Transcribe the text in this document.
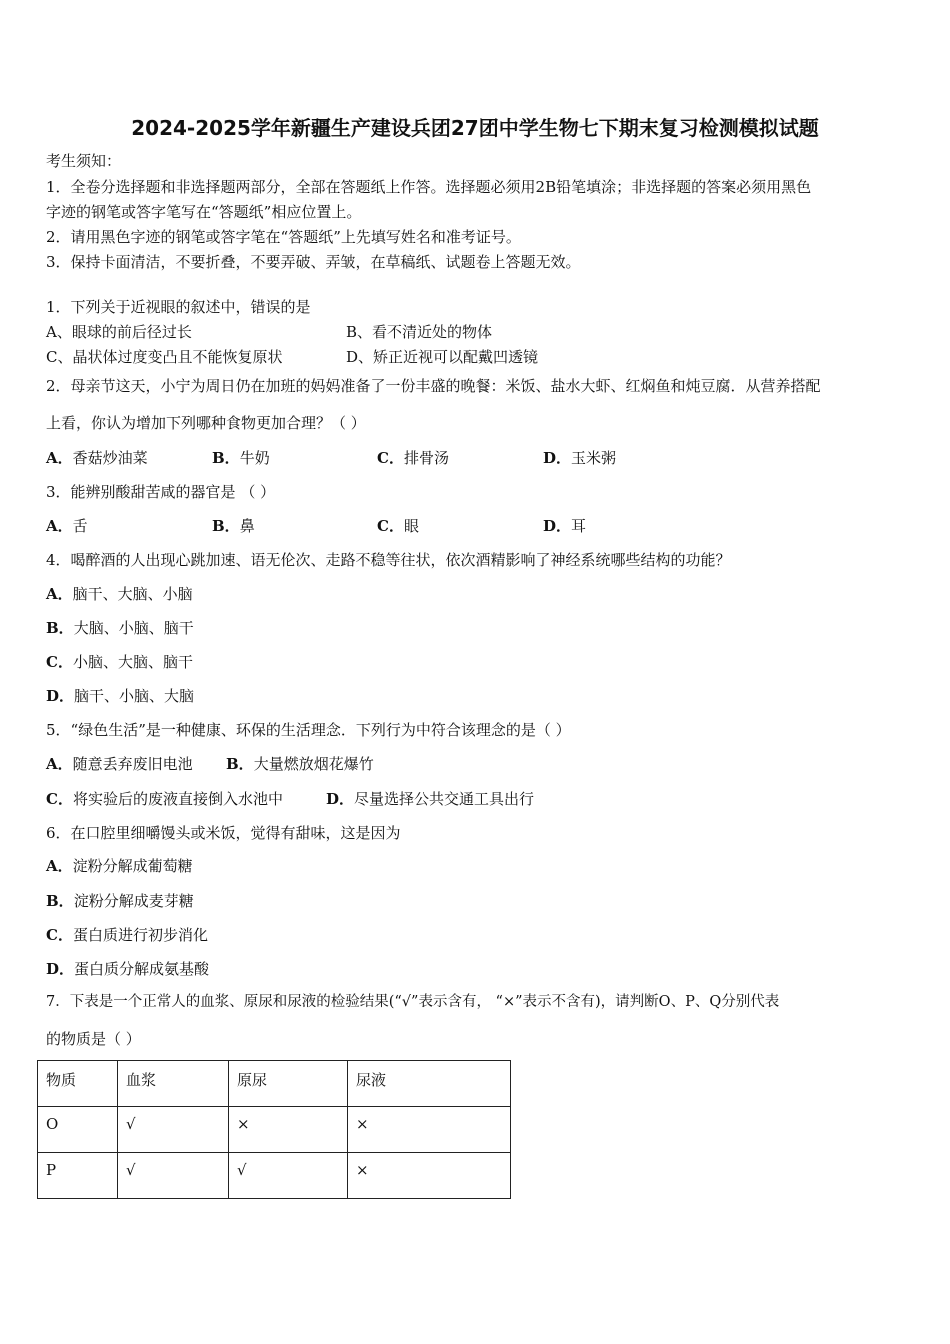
2024-2025学年新疆生产建设兵团27团中学生物七下期末复习检测模拟试题
考生须知：
1．全卷分选择题和非选择题两部分，全部在答题纸上作答。选择题必须用2B铅笔填涂；非选择题的答案必须用黑色
字迹的钢笔或答字笔写在“答题纸”相应位置上。
2．请用黑色字迹的钢笔或答字笔在“答题纸”上先填写姓名和准考证号。
3．保持卡面清洁，不要折叠，不要弄破、弄皱，在草稿纸、试题卷上答题无效。
1．下列关于近视眼的叙述中，错误的是
A、眼球的前后径过长	B、看不清近处的物体
C、晶状体过度变凸且不能恢复原状	D、矫正近视可以配戴凹透镜
2．母亲节这天，小宁为周日仍在加班的妈妈准备了一份丰盛的晚餐：米饭、盐水大虾、红焖鱼和炖豆腐．从营养搭配
上看，你认为增加下列哪种食物更加合理？（ ）
A．香菇炒油菜	B．牛奶	C．排骨汤	D．玉米粥
3．能辨别酸甜苦咸的器官是 （ ）
A．舌	B．鼻	C．眼	D．耳
4．喝醉酒的人出现心跳加速、语无伦次、走路不稳等往状，依次酒精影响了神经系统哪些结构的功能？
A．脑干、大脑、小脑
B．大脑、小脑、脑干
C．小脑、大脑、脑干
D．脑干、小脑、大脑
5．“绿色生活”是一种健康、环保的生活理念．下列行为中符合该理念的是（ ）
A．随意丢弃废旧电池 B．大量燃放烟花爆竹
C．将实验后的废液直接倒入水池中	D．尽量选择公共交通工具出行
6．在口腔里细嚼馒头或米饭，觉得有甜味，这是因为
A．淀粉分解成葡萄糖
B．淀粉分解成麦芽糖
C．蛋白质进行初步消化
D．蛋白质分解成氨基酸
7．下表是一个正常人的血浆、原尿和尿液的检验结果(“√”表示含有， “×”表示不含有)，请判断O、P、Q分别代表
的物质是（ ）
物质	血浆	原尿	尿液
O	√	×	×
P	√	√	×
